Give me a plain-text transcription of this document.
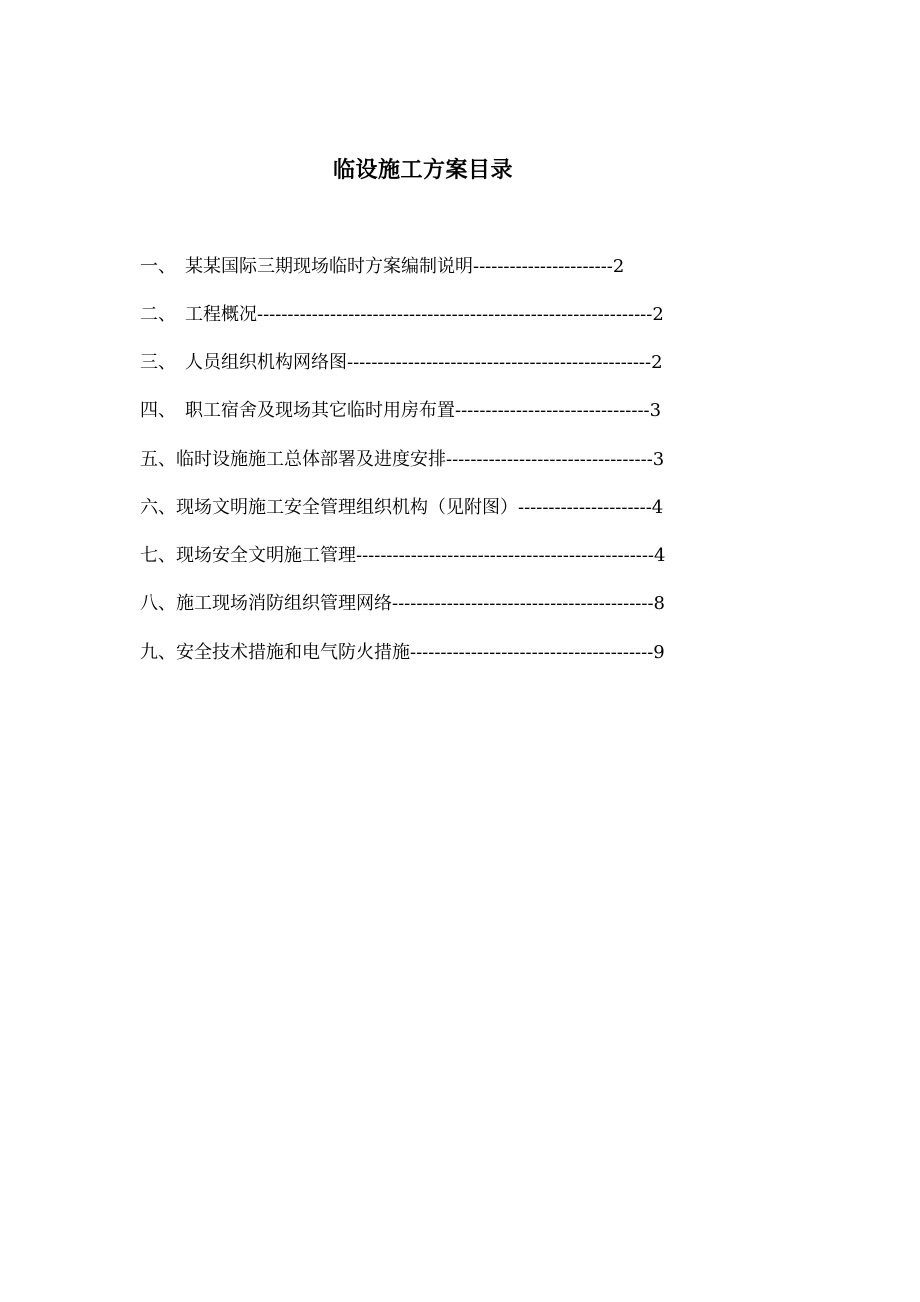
临设施工方案目录
一、　某某国际三期现场临时方案编制说明-----------------------2
二、　工程概况-----------------------------------------------------------------2
三、　人员组织机构网络图--------------------------------------------------2
四、　职工宿舍及现场其它临时用房布置--------------------------------3
五、临时设施施工总体部署及进度安排----------------------------------3
六、现场文明施工安全管理组织机构（见附图）----------------------4
七、现场安全文明施工管理-------------------------------------------------4
八、施工现场消防组织管理网络-------------------------------------------8
九、安全技术措施和电气防火措施----------------------------------------9
